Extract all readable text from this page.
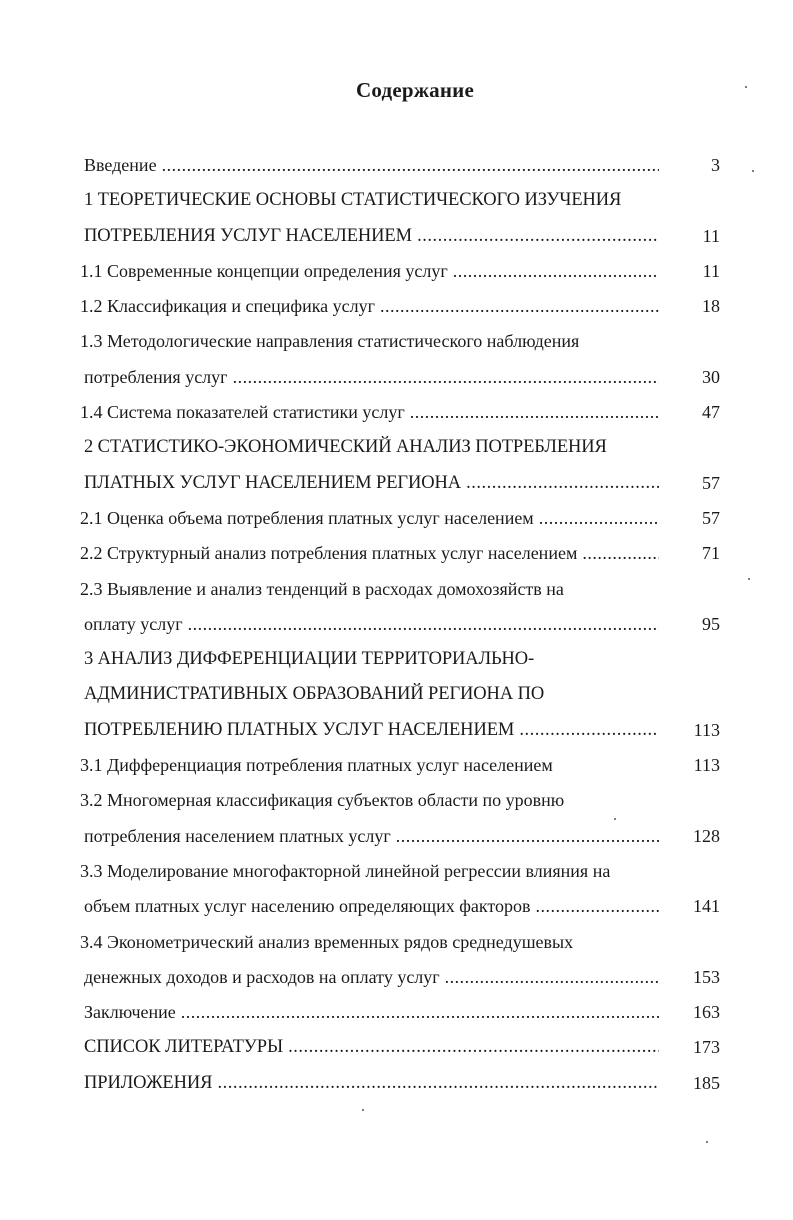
Содержание
Введение .....	3
1 ТЕОРЕТИЧЕСКИЕ ОСНОВЫ СТАТИСТИЧЕСКОГО ИЗУЧЕНИЯ
ПОТРЕБЛЕНИЯ УСЛУГ НАСЕЛЕНИЕМ .....	11
1.1 Современные концепции определения услуг .....	11
1.2 Классификация и специфика услуг .....	18
1.3 Методологические направления статистического наблюдения
потребления услуг .....	30
1.4 Система показателей статистики услуг .....	47
2 СТАТИСТИКО-ЭКОНОМИЧЕСКИЙ АНАЛИЗ ПОТРЕБЛЕНИЯ
ПЛАТНЫХ УСЛУГ НАСЕЛЕНИЕМ РЕГИОНА .....	57
2.1 Оценка объема потребления платных услуг населением .....	57
2.2 Структурный анализ потребления платных услуг населением .....	71
2.3 Выявление и анализ тенденций в расходах домохозяйств на
оплату услуг .....	95
3 АНАЛИЗ ДИФФЕРЕНЦИАЦИИ ТЕРРИТОРИАЛЬНО-
АДМИНИСТРАТИВНЫХ ОБРАЗОВАНИЙ РЕГИОНА ПО
ПОТРЕБЛЕНИЮ ПЛАТНЫХ УСЛУГ НАСЕЛЕНИЕМ .....	113
3.1 Дифференциация потребления платных услуг населением	113
3.2 Многомерная классификация субъектов области по уровню
потребления населением платных услуг .....	128
3.3 Моделирование многофакторной линейной регрессии влияния на
объем платных услуг населению определяющих факторов .....	141
3.4 Эконометрический анализ временных рядов среднедушевых
денежных доходов и расходов на оплату услуг .....	153
Заключение .....	163
СПИСОК ЛИТЕРАТУРЫ .....	173
ПРИЛОЖЕНИЯ .....	185
